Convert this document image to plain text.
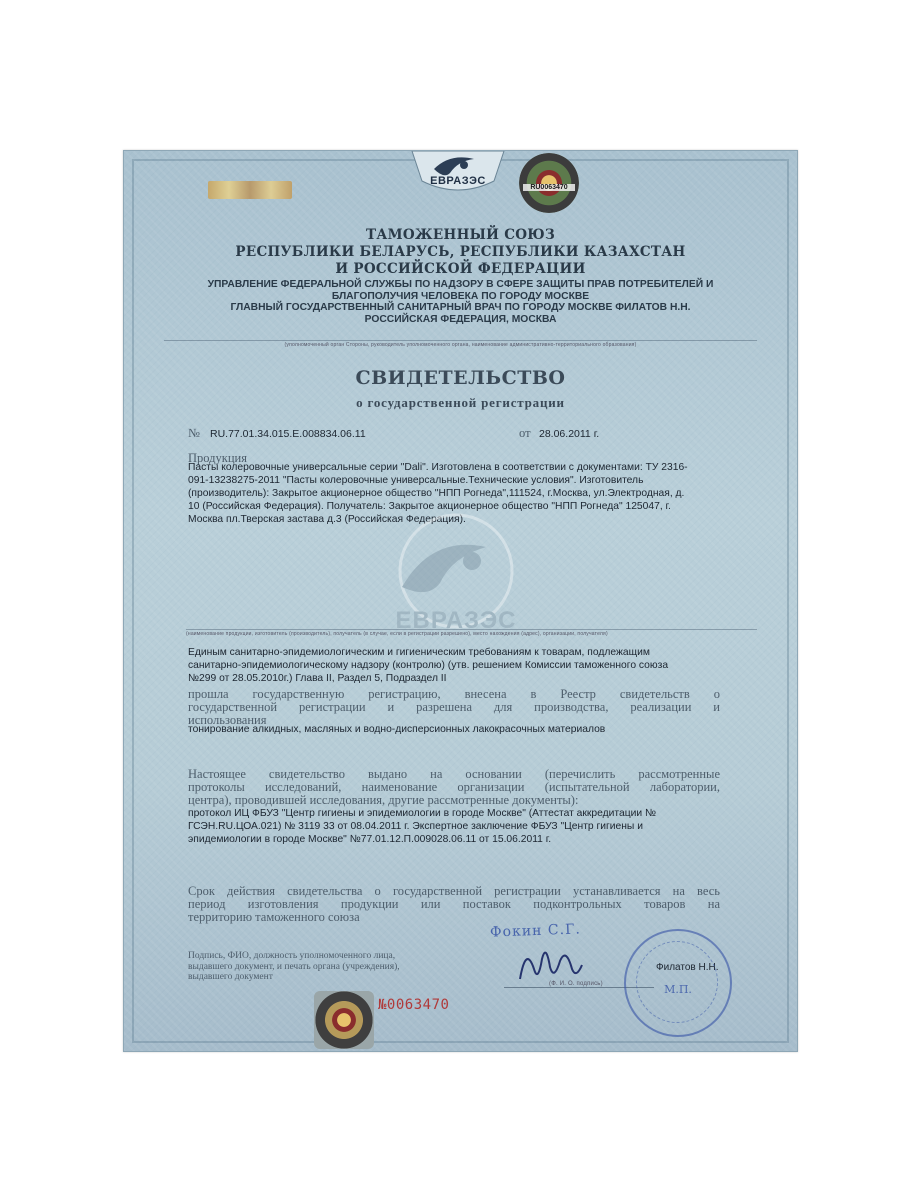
ЕВРАЗЭС
RU0063470
ТАМОЖЕННЫЙ СОЮЗ
РЕСПУБЛИКИ БЕЛАРУСЬ, РЕСПУБЛИКИ КАЗАХСТАН
И РОССИЙСКОЙ ФЕДЕРАЦИИ
УПРАВЛЕНИЕ ФЕДЕРАЛЬНОЙ СЛУЖБЫ ПО НАДЗОРУ В СФЕРЕ ЗАЩИТЫ ПРАВ ПОТРЕБИТЕЛЕЙ И
БЛАГОПОЛУЧИЯ ЧЕЛОВЕКА ПО ГОРОДУ МОСКВЕ
ГЛАВНЫЙ ГОСУДАРСТВЕННЫЙ САНИТАРНЫЙ ВРАЧ ПО ГОРОДУ МОСКВЕ ФИЛАТОВ Н.Н.
РОССИЙСКАЯ ФЕДЕРАЦИЯ, МОСКВА
(уполномоченный орган Стороны, руководитель уполномоченного органа, наименование административно-территориального образования)
СВИДЕТЕЛЬСТВО
о государственной регистрации
№ RU.77.01.34.015.Е.008834.06.11	от 28.06.2011 г.
Продукция
Пасты колеровочные универсальные серии "Dali". Изготовлена в соответствии с документами: ТУ 2316-
091-13238275-2011 "Пасты колеровочные универсальные.Технические условия". Изготовитель
(производитель): Закрытое акционерное общество "НПП Рогнеда",111524, г.Москва, ул.Электродная, д.
10 (Российская Федерация). Получатель: Закрытое акционерное общество "НПП Рогнеда" 125047, г.
Москва пл.Тверская застава д.3 (Российская Федерация).
ЕВРАЗЭС
(наименование продукции, изготовитель (производитель), получатель (в случае, если в регистрации разрешено), место нахождения (адрес), организации, получателя)
Единым санитарно-эпидемиологическим и гигиеническим требованиям к товарам, подлежащим
санитарно-эпидемиологическому надзору (контролю) (утв. решением Комиссии таможенного союза
№299 от 28.05.2010г.) Глава II, Раздел 5, Подраздел II
прошла государственную регистрацию, внесена в Реестр свидетельств о
государственной регистрации и разрешена для производства, реализации и
использования
тонирование алкидных, масляных и водно-дисперсионных лакокрасочных материалов
Настоящее свидетельство выдано на основании (перечислить рассмотренные
протоколы исследований, наименование организации (испытательной лаборатории,
центра), проводившей исследования, другие рассмотренные документы):
протокол ИЦ ФБУЗ "Центр гигиены и эпидемиологии в городе Москве" (Аттестат аккредитации №
ГСЭН.RU.ЦОА.021) № 3119 33 от 08.04.2011 г. Экспертное заключение ФБУЗ "Центр гигиены и
эпидемиологии в городе Москве" №77.01.12.П.009028.06.11 от 15.06.2011 г.
Срок действия свидетельства о государственной регистрации устанавливается на весь
период изготовления продукции или поставок подконтрольных товаров на
территорию таможенного союза
Подпись, ФИО, должность уполномоченного лица,
выдавшего документ, и печать органа (учреждения),
выдавшего документ
Фокин С.Г.
(Ф. И. О. подпись)
Филатов Н.Н.
М.П.
№0063470
